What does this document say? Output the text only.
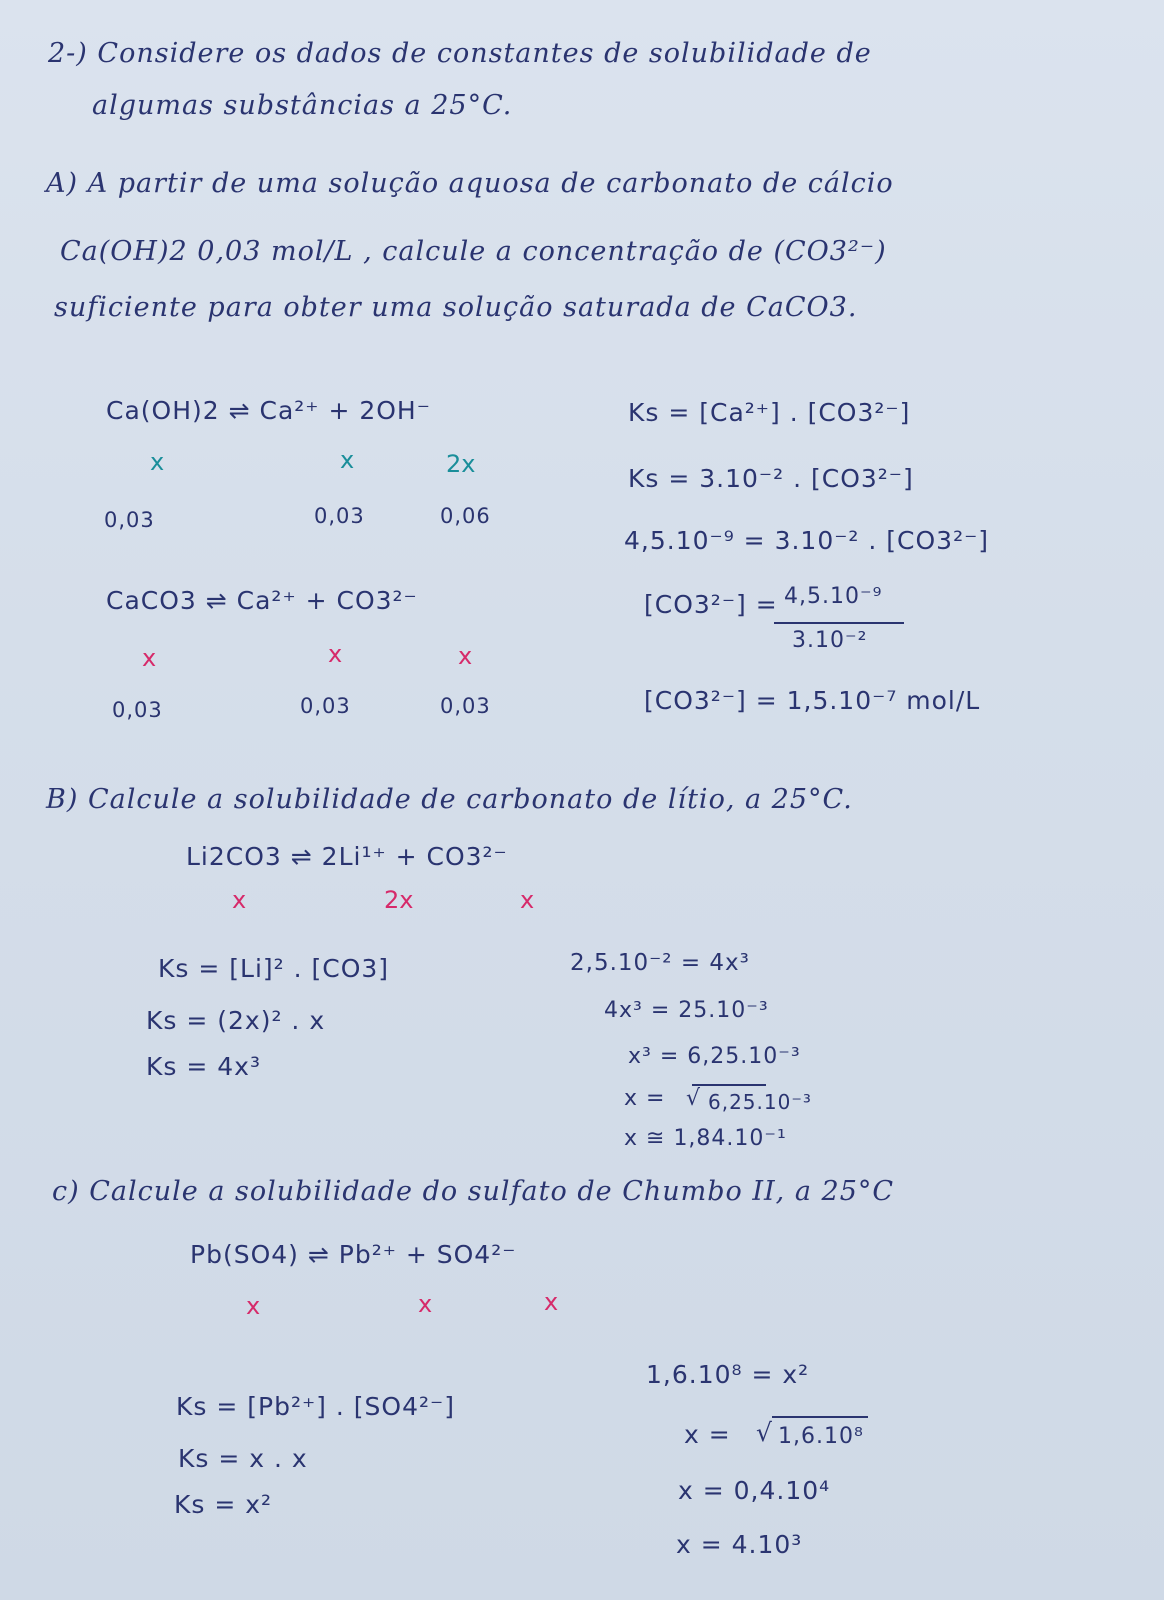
2-) Considere os dados de constantes de solubilidade de
algumas substâncias a 25°C.
A) A partir de uma solução aquosa de carbonato de cálcio
Ca(OH)2 0,03 mol/L , calcule a concentração de (CO3²⁻)
suficiente para obter uma solução saturada de CaCO3.
Ca(OH)2 ⇌ Ca²⁺ + 2OH⁻
x	x	2x
0,03	0,03	0,06
CaCO3 ⇌ Ca²⁺ + CO3²⁻
x	x	x
0,03	0,03	0,03
Ks = [Ca²⁺] . [CO3²⁻]
Ks = 3.10⁻² . [CO3²⁻]
4,5.10⁻⁹ = 3.10⁻² . [CO3²⁻]
[CO3²⁻] = 4,5.10⁻⁹
3.10⁻²
[CO3²⁻] = 1,5.10⁻⁷ mol/L
B) Calcule a solubilidade de carbonato de lítio, a 25°C.
Li2CO3 ⇌ 2Li¹⁺ + CO3²⁻
x	2x	x
Ks = [Li]² . [CO3]
Ks = (2x)² . x
Ks = 4x³
2,5.10⁻² = 4x³
4x³ = 25.10⁻³
x³ = 6,25.10⁻³
x = √ 6,25.10⁻³
x ≅ 1,84.10⁻¹
c) Calcule a solubilidade do sulfato de Chumbo II, a 25°C
Pb(SO4) ⇌ Pb²⁺ + SO4²⁻
x	x	x
Ks = [Pb²⁺] . [SO4²⁻]
Ks = x . x
Ks = x²
1,6.10⁸ = x²
x = √ 1,6.10⁸
x = 0,4.10⁴
x = 4.10³
